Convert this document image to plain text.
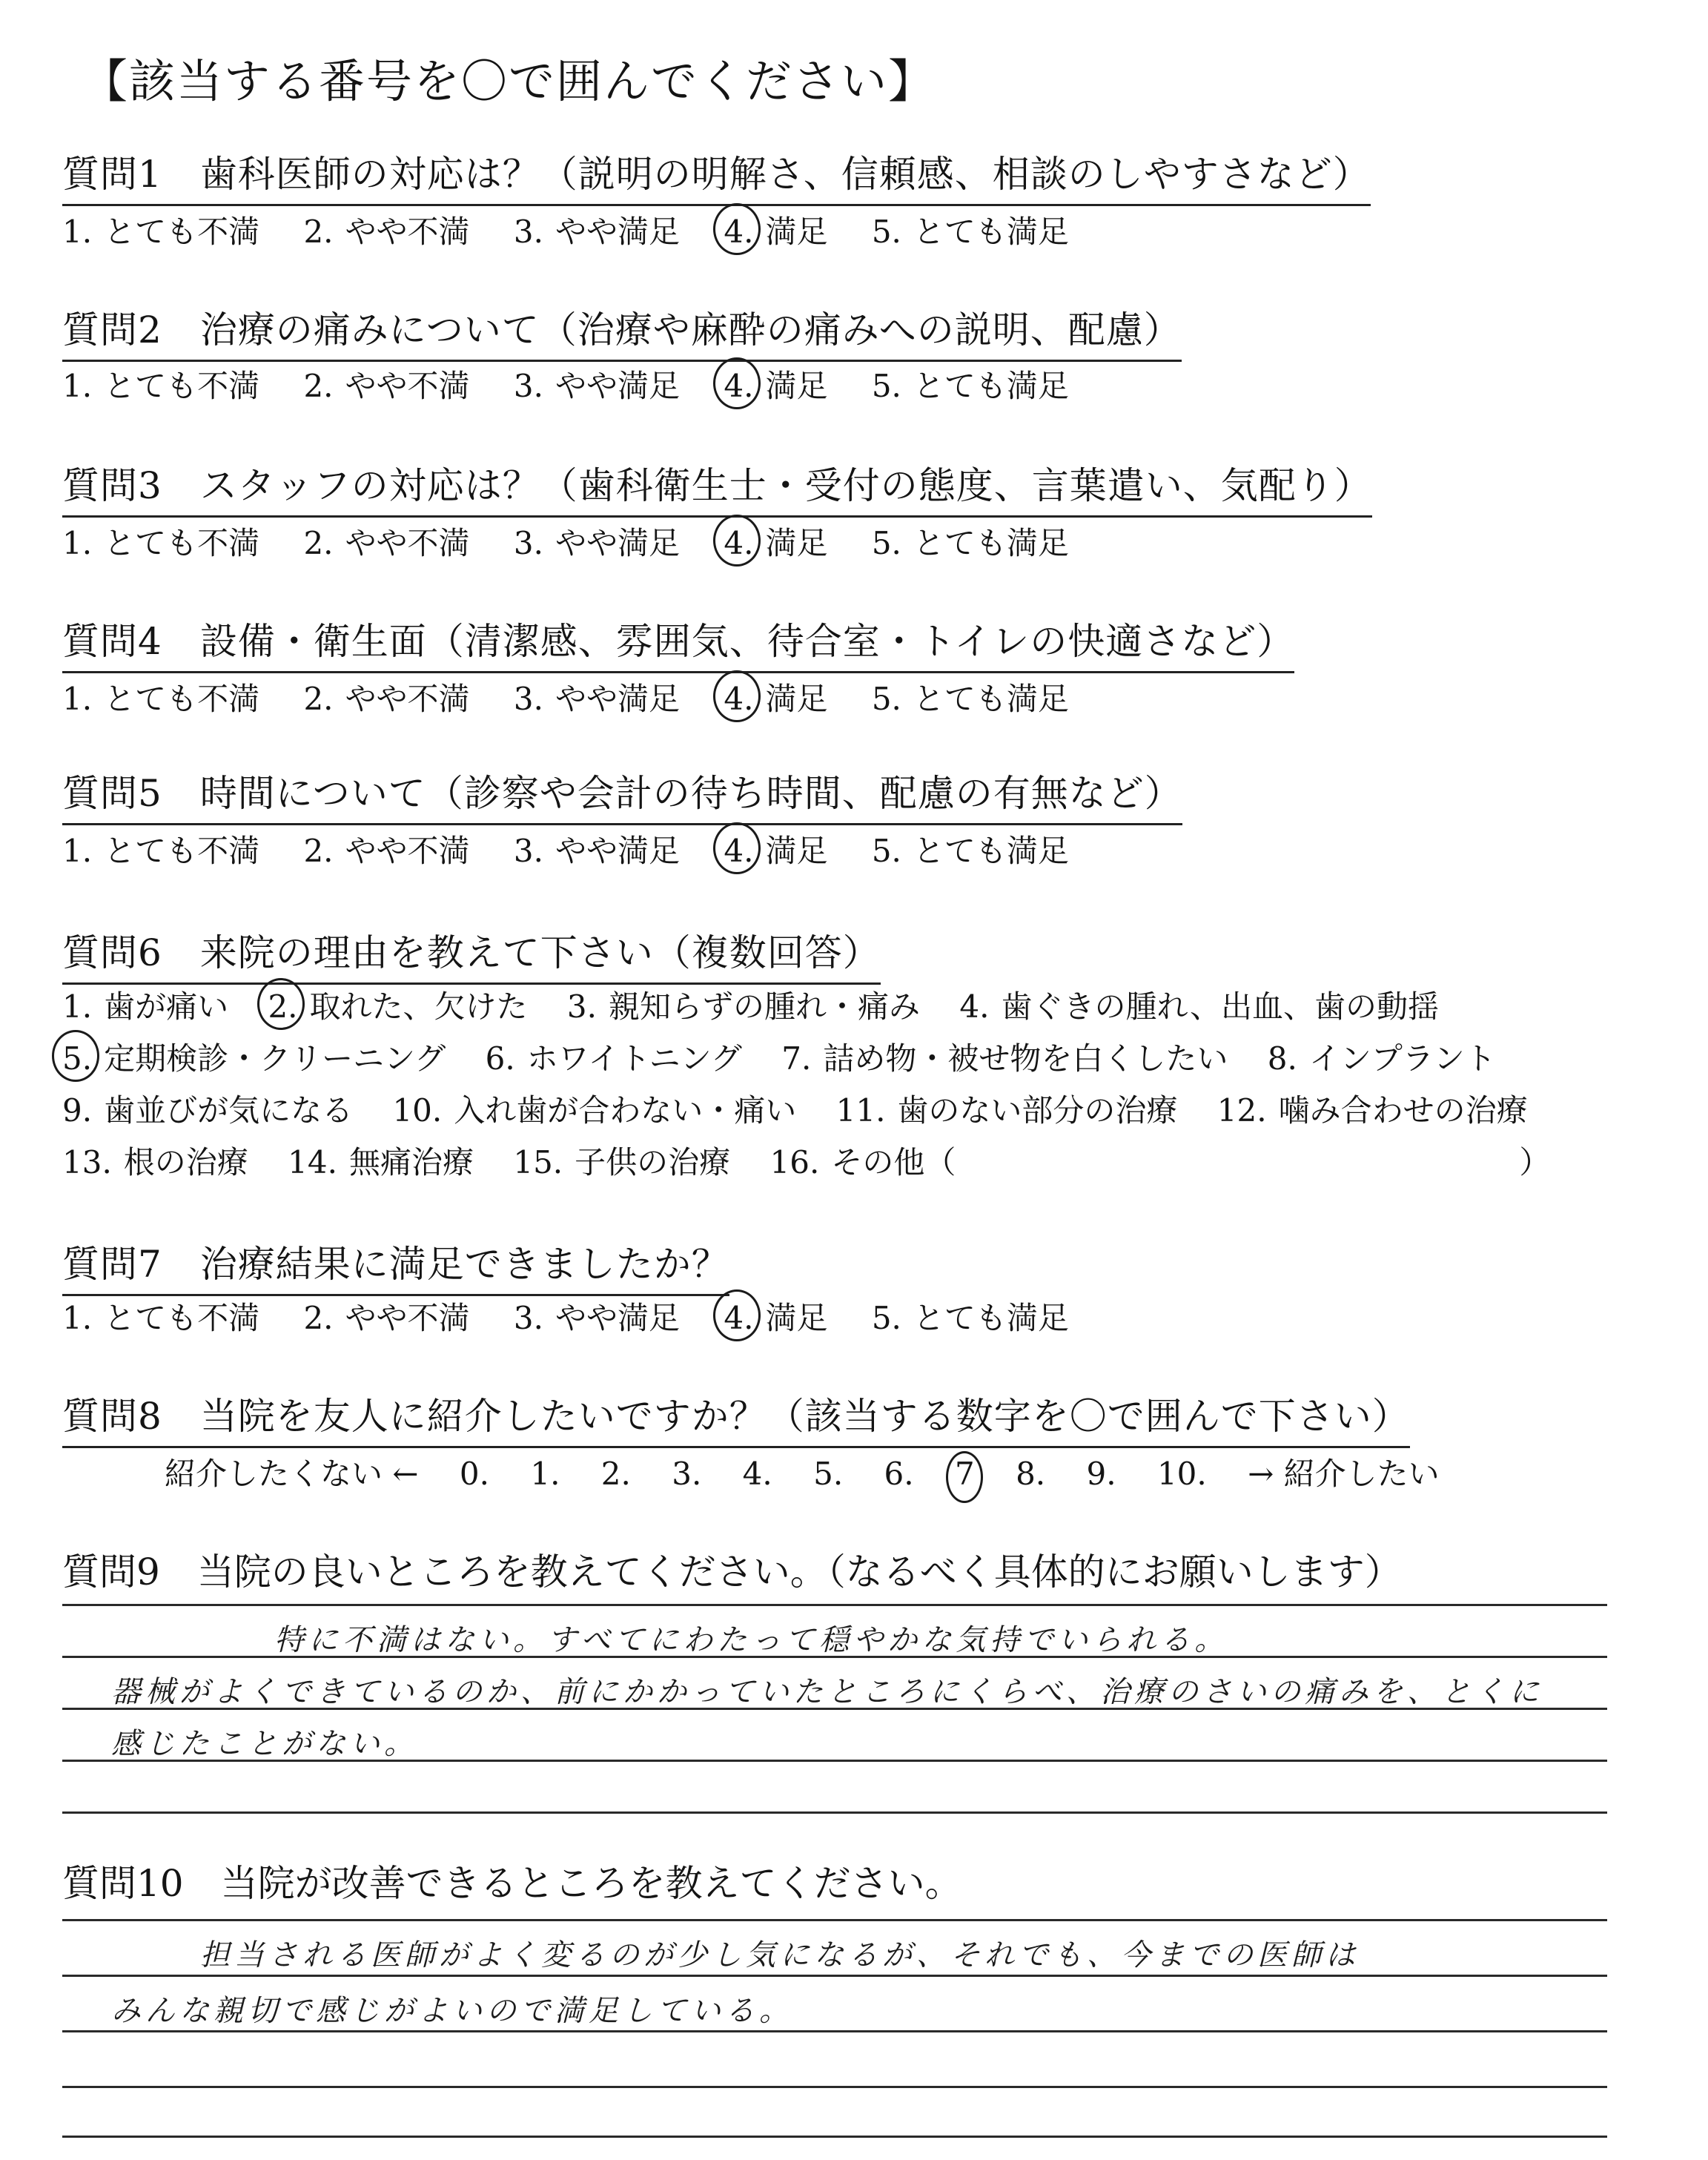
【該当する番号を〇で囲んでください】
質問1　 歯科医師の対応は？（説明の明解さ、信頼感、相談のしやすさなど）
1. とても不満 2. やや不満 3. やや満足 4. 満足 5. とても満足
質問2　 治療の痛みについて（治療や麻酔の痛みへの説明、配慮）
1. とても不満 2. やや不満 3. やや満足 4. 満足 5. とても満足
質問3　 スタッフの対応は？（歯科衛生士・受付の態度、言葉遣い、気配り）
1. とても不満 2. やや不満 3. やや満足 4. 満足 5. とても満足
質問4　 設備・衛生面（清潔感、雰囲気、待合室・トイレの快適さなど）
1. とても不満 2. やや不満 3. やや満足 4. 満足 5. とても満足
質問5　 時間について（診察や会計の待ち時間、配慮の有無など）
1. とても不満 2. やや不満 3. やや満足 4. 満足 5. とても満足
質問6　 来院の理由を教えて下さい（複数回答）
1. 歯が痛い 2. 取れた、欠けた 3. 親知らずの腫れ・痛み 4. 歯ぐきの腫れ、出血、歯の動揺
5. 定期検診・クリーニング 6. ホワイトニング 7. 詰め物・被せ物を白くしたい 8. インプラント
9. 歯並びが気になる 10. 入れ歯が合わない・痛い 11. 歯のない部分の治療 12. 噛み合わせの治療
13. 根の治療 14. 無痛治療 15. 子供の治療 16. その他（	）
質問7　 治療結果に満足できましたか？
1. とても不満 2. やや不満 3. やや満足 4. 満足 5. とても満足
質問8　 当院を友人に紹介したいですか？（該当する数字を〇で囲んで下さい）
紹介したくない ← 0. 1. 2. 3. 4. 5. 6. 7 8. 9. 10. → 紹介したい
質問9　 当院の良いところを教えてください。（なるべく具体的にお願いします）
特に不満はない。すべてにわたって穏やかな気持でいられる。
器械がよくできているのか、前にかかっていたところにくらべ、治療のさいの痛みを、とくに
感じたことがない。
質問10　 当院が改善できるところを教えてください。
担当される医師がよく変るのが少し気になるが、それでも、今までの医師は
みんな親切で感じがよいので満足している。
